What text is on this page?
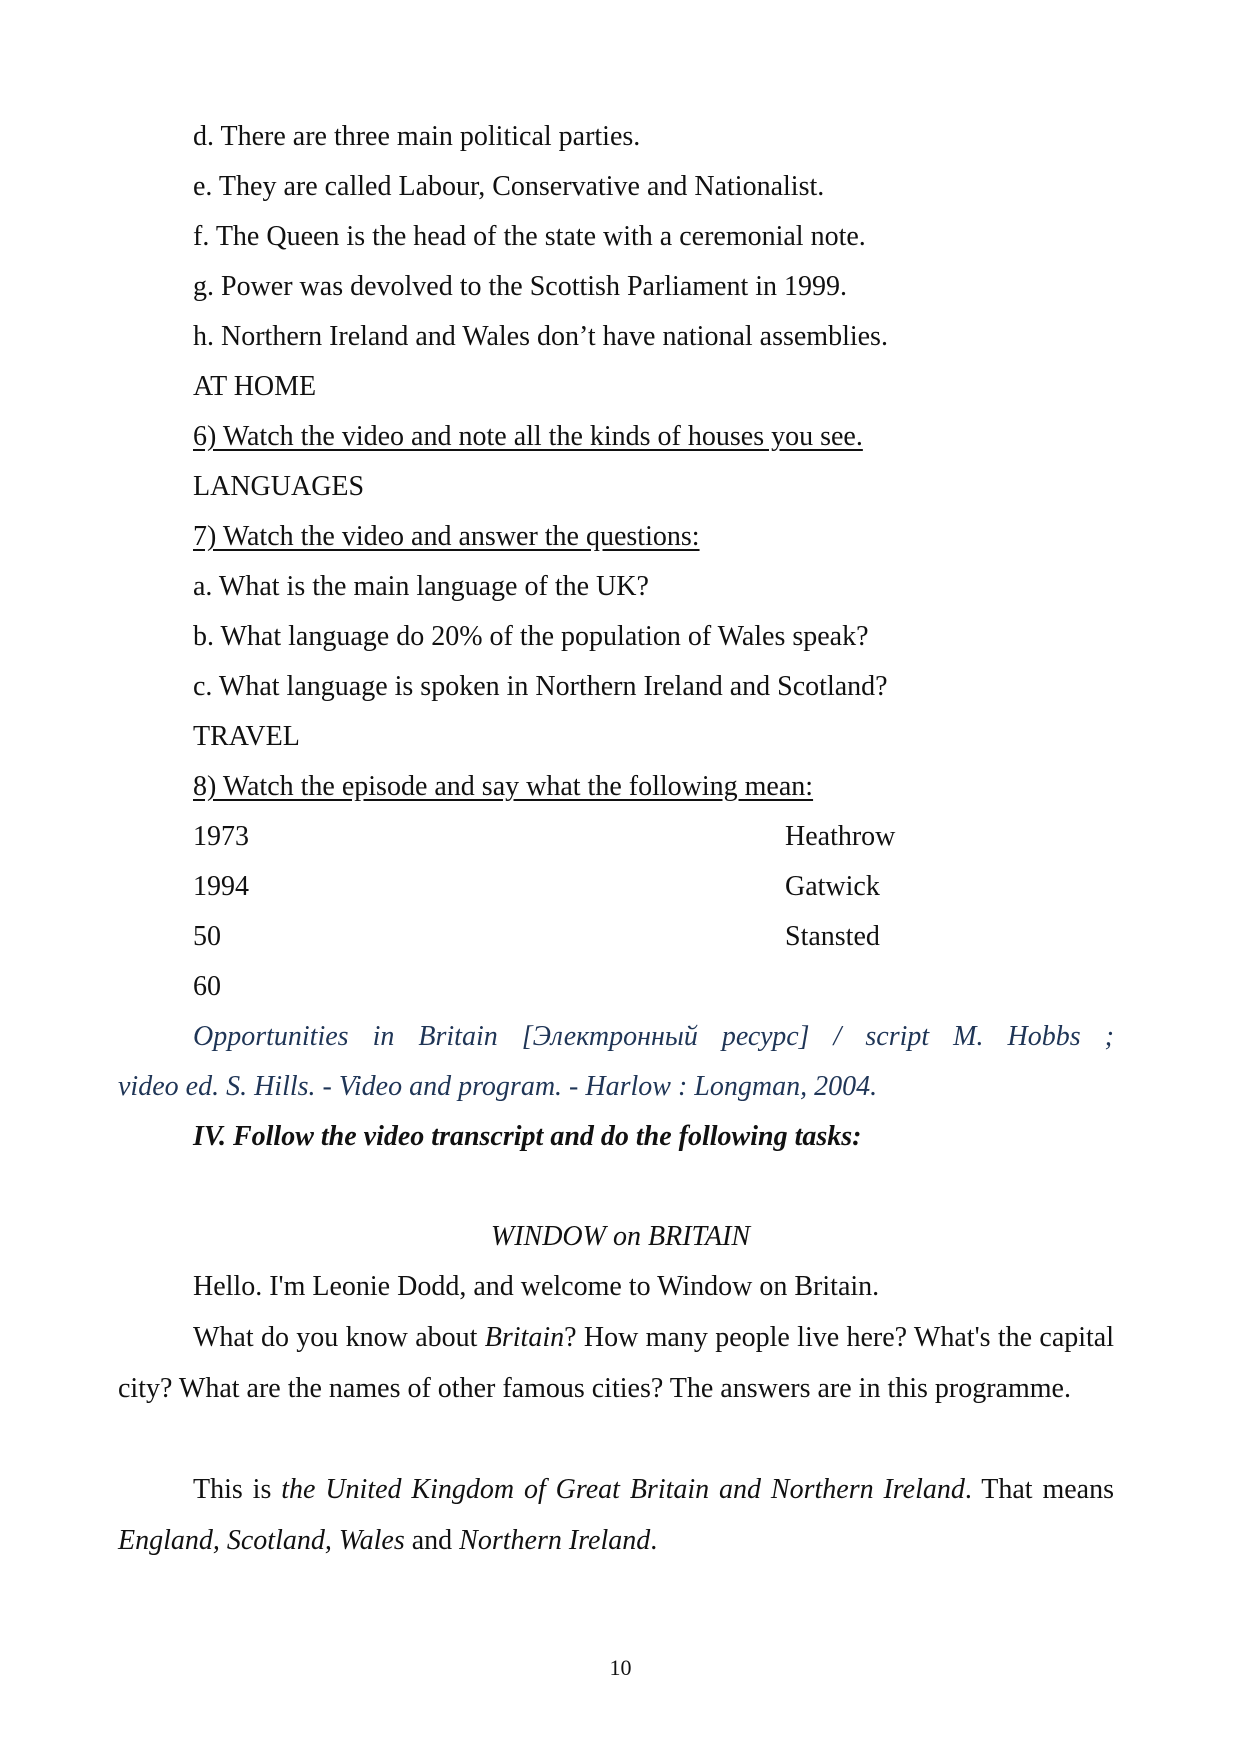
d. There are three main political parties.
e. They are called Labour, Conservative and Nationalist.
f. The Queen is the head of the state with a ceremonial note.
g. Power was devolved to the Scottish Parliament in 1999.
h. Northern Ireland and Wales don’t have national assemblies.
AT HOME
6) Watch the video and note all the kinds of houses you see.
LANGUAGES
7) Watch the video and answer the questions:
a. What is the main language of the UK?
b. What language do 20% of the population of Wales speak?
c. What language is spoken in Northern Ireland and Scotland?
TRAVEL
8) Watch the episode and say what the following mean:
1973	Heathrow
1994	Gatwick
50	Stansted
60
Opportunities in Britain [Электронный ресурс] / script M. Hobbs ;
video ed. S. Hills. - Video and program. - Harlow : Longman, 2004.
IV. Follow the video transcript and do the following tasks:
WINDOW on BRITAIN
Hello. I'm Leonie Dodd, and welcome to Window on Britain.
What do you know about Britain? How many people live here? What's the capital city? What are the names of other famous cities? The answers are in this programme.
This is the United Kingdom of Great Britain and Northern Ireland. That means England, Scotland, Wales and Northern Ireland.
10
